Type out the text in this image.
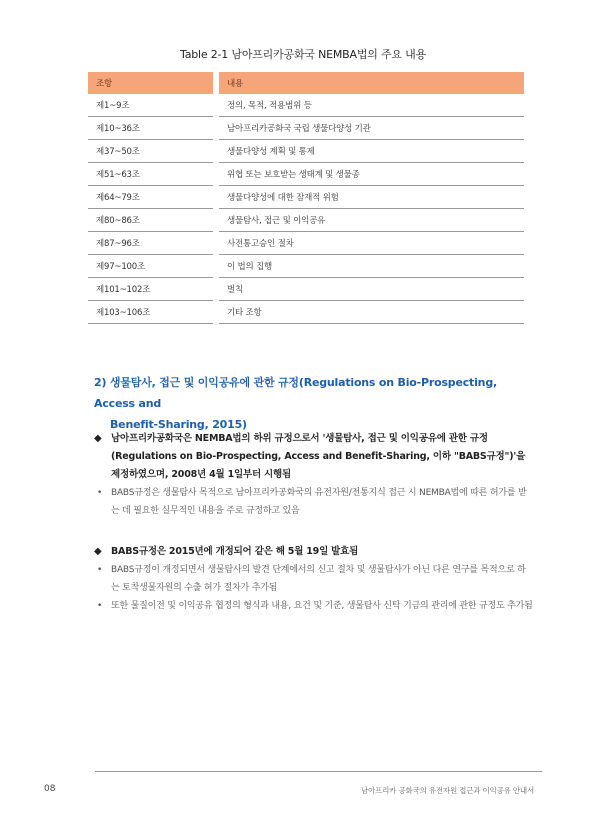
Table 2-1 남아프리카공화국 NEMBA법의 주요 내용
조항	내용
제1~9조	정의, 목적, 적용범위 등
제10~36조	남아프리카공화국 국립 생물다양성 기관
제37~50조	생물다양성 계획 및 통제
제51~63조	위협 또는 보호받는 생태계 및 생물종
제64~79조	생물다양성에 대한 잠재적 위험
제80~86조	생물탐사, 접근 및 이익공유
제87~96조	사전통고승인 절차
제97~100조	이 법의 집행
제101~102조	벌칙
제103~106조	기타 조항
2) 생물탐사, 접근 및 이익공유에 관한 규정(Regulations on Bio-Prospecting, Access and
Benefit-Sharing, 2015)
◆ 남아프리카공화국은 NEMBA법의 하위 규정으로서 '생물탐사, 접근 및 이익공유에 관한 규정(Regulations on Bio-Prospecting, Access and Benefit-Sharing, 이하 "BABS규정")'을 제정하였으며, 2008년 4월 1일부터 시행됨
• BABS규정은 생물탐사 목적으로 남아프리카공화국의 유전자원/전통지식 접근 시 NEMBA법에 따른 허가를 받는 데 필요한 실무적인 내용을 주로 규정하고 있음
◆ BABS규정은 2015년에 개정되어 같은 해 5월 19일 발효됨
• BABS규정이 개정되면서 생물탐사의 발견 단계에서의 신고 절차 및 생물탐사가 아닌 다른 연구를 목적으로 하는 토착생물자원의 수출 허가 절차가 추가됨
• 또한 물질이전 및 이익공유 협정의 형식과 내용, 요건 및 기준, 생물탐사 신탁 기금의 관리에 관한 규정도 추가됨
08	남아프리카 공화국의 유전자원 접근과 이익공유 안내서
